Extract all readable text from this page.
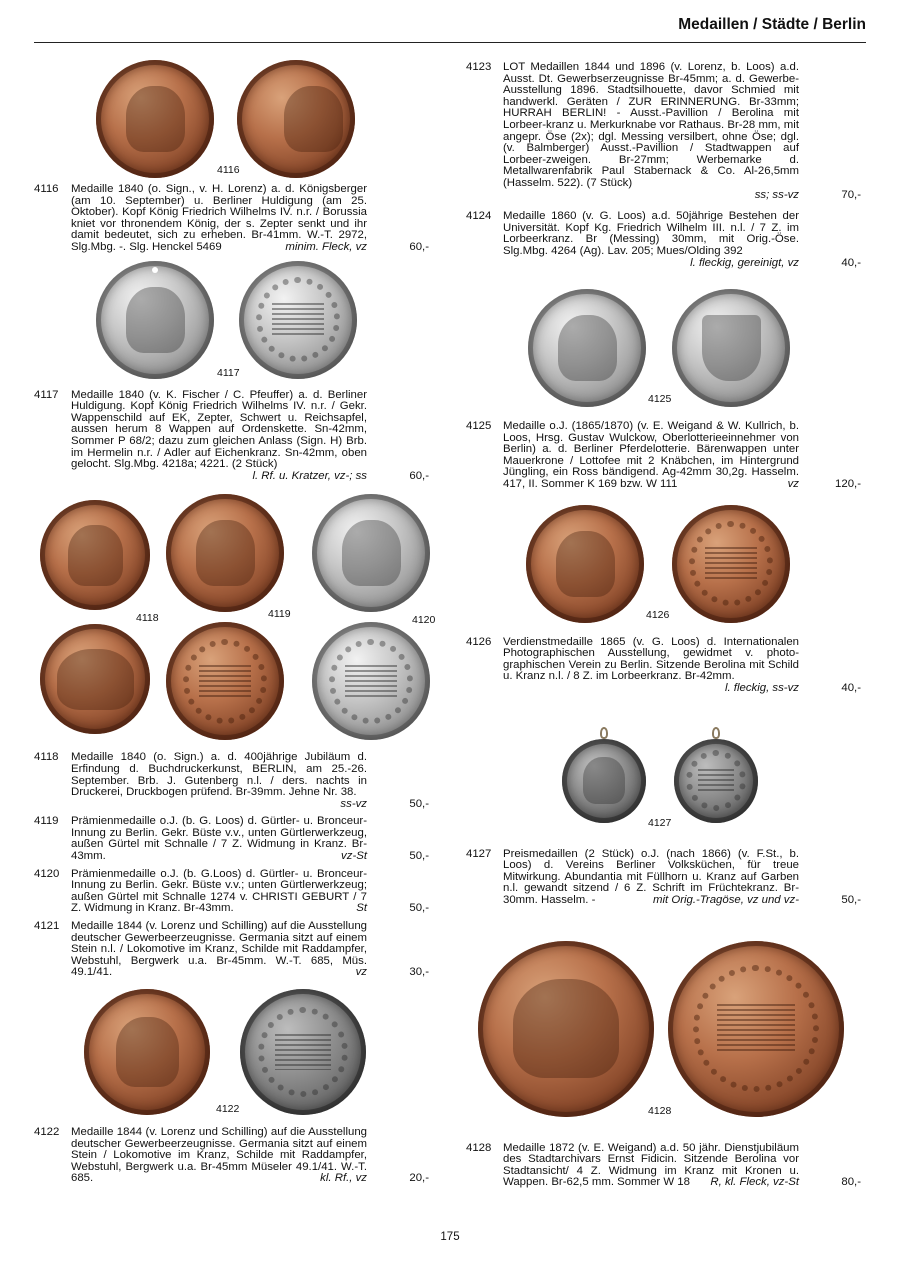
Medaillen / Städte / Berlin
4116
4116 Medaille 1840 (o. Sign., v. H. Lorenz) a. d. Königsberger (am 10. September) u. Berliner Huldigung (am 25. Oktober). Kopf König Friedrich Wilhelms IV. n.r. / Borussia kniet vor thronendem König, der s. Zepter senkt und ihr damit bedeutet, sich zu erheben. Br-41mm. W.-T. 2972, Slg.Mbg. -. Slg. Henckel 5469	minim. Fleck, vz	60,-
4117
4117 Medaille 1840 (v. K. Fischer / C. Pfeuffer) a. d. Berliner Huldigung. Kopf König Friedrich Wilhelms IV. n.r. / Gekr. Wappenschild auf EK, Zepter, Schwert u. Reichsapfel, aussen herum 8 Wappen auf Ordenskette. Sn-42mm, Sommer P 68/2; dazu zum gleichen Anlass (Sign. H) Brb. im Hermelin n.r. / Adler auf Eichenkranz. Sn-42mm, oben gelocht. Slg.Mbg. 4218a; 4221. (2 Stück)
l. Rf. u. Kratzer, vz-; ss	60,-
4118	4119	4120
4118 Medaille 1840 (o. Sign.) a. d. 400jährige Jubiläum d. Erfindung d. Buchdruckerkunst, BERLIN, am 25.-26. September. Brb. J. Gutenberg n.l. / ders. nachts in Druckerei, Druckbogen prüfend. Br-39mm. Jehne Nr. 38.
ss-vz	50,-
4119 Prämienmedaille o.J. (b. G. Loos) d. Gürtler- u. Bronceur-Innung zu Berlin. Gekr. Büste v.v., unten Gürtlerwerkzeug, außen Gürtel mit Schnalle / 7 Z. Widmung in Kranz. Br-43mm.	vz-St	50,-
4120 Prämienmedaille o.J. (b. G.Loos) d. Gürtler- u. Bronceur-Innung zu Berlin. Gekr. Büste v.v.; unten Gürtlerwerkzeug; außen Gürtel mit Schnalle 1274 v. CHRISTI GEBURT / 7 Z. Widmung in Kranz. Br-43mm.	St	50,-
4121 Medaille 1844 (v. Lorenz und Schilling) auf die Ausstellung deutscher Gewerbeerzeugnisse. Germania sitzt auf einem Stein n.l. / Lokomotive im Kranz, Schilde mit Raddampfer, Webstuhl, Bergwerk u.a. Br-45mm. W.-T. 685, Müs. 49.1/41.	vz	30,-
4122
4122 Medaille 1844 (v. Lorenz und Schilling) auf die Ausstellung deutscher Gewerbeerzeugnisse. Germania sitzt auf einem Stein / Lokomotive im Kranz, Schilde mit Raddampfer, Webstuhl, Bergwerk u.a. Br-45mm Müseler 49.1/41. W.-T. 685.	kl. Rf., vz	20,-
4123 LOT Medaillen 1844 und 1896 (v. Lorenz, b. Loos) a.d. Ausst. Dt. Gewerbserzeugnisse Br-45mm; a. d. Gewerbe-Ausstellung 1896. Stadtsilhouette, davor Schmied mit handwerkl. Geräten / ZUR ERINNERUNG. Br-33mm; HURRAH BERLIN! - Ausst.-Pavillion / Berolina mit Lorbeer-kranz u. Merkurknabe vor Rathaus. Br-28 mm, mit angepr. Öse (2x); dgl. Messing versilbert, ohne Öse; dgl. (v. Balmberger) Ausst.-Pavillion / Stadtwappen auf Lorbeer-zweigen. Br-27mm; Werbemarke d. Metallwarenfabrik Paul Stabernack & Co. Al-26,5mm (Hasselm. 522). (7 Stück)
ss; ss-vz	70,-
4124 Medaille 1860 (v. G. Loos) a.d. 50jährige Bestehen der Universität. Kopf Kg. Friedrich Wilhelm III. n.l. / 7 Z. im Lorbeerkranz. Br (Messing) 30mm, mit Orig.-Öse. Slg.Mbg. 4264 (Ag). Lav. 205; Mues/Olding 392
l. fleckig, gereinigt, vz	40,-
4125
4125 Medaille o.J. (1865/1870) (v. E. Weigand & W. Kullrich, b. Loos, Hrsg. Gustav Wulckow, Oberlotterieeinnehmer von Berlin) a. d. Berliner Pferdelotterie. Bärenwappen unter Mauerkrone / Lottofee mit 2 Knäbchen, im Hintergrund Jüngling, ein Ross bändigend. Ag-42mm 30,2g. Hasselm. 417, II. Sommer K 169 bzw. W 111	vz	120,-
4126
4126 Verdienstmedaille 1865 (v. G. Loos) d. Internationalen Photographischen Ausstellung, gewidmet v. photo-graphischen Verein zu Berlin. Sitzende Berolina mit Schild u. Kranz n.l. / 8 Z. im Lorbeerkranz. Br-42mm.
l. fleckig, ss-vz	40,-
4127
4127 Preismedaillen (2 Stück) o.J. (nach 1866) (v. F.St., b. Loos) d. Vereins Berliner Volksküchen, für treue Mitwirkung. Abundantia mit Füllhorn u. Kranz auf Garben n.l. gewandt sitzend / 6 Z. Schrift im Früchtekranz. Br-30mm. Hasselm. -	mit Orig.-Tragöse, vz und vz-	50,-
4128
4128 Medaille 1872 (v. E. Weigand) a.d. 50 jähr. Dienstjubiläum des Stadtarchivars Ernst Fidicin. Sitzende Berolina vor Stadtansicht/ 4 Z. Widmung im Kranz mit Kronen u. Wappen. Br-62,5 mm. Sommer W 18 R, kl. Fleck, vz-St	80,-
175
